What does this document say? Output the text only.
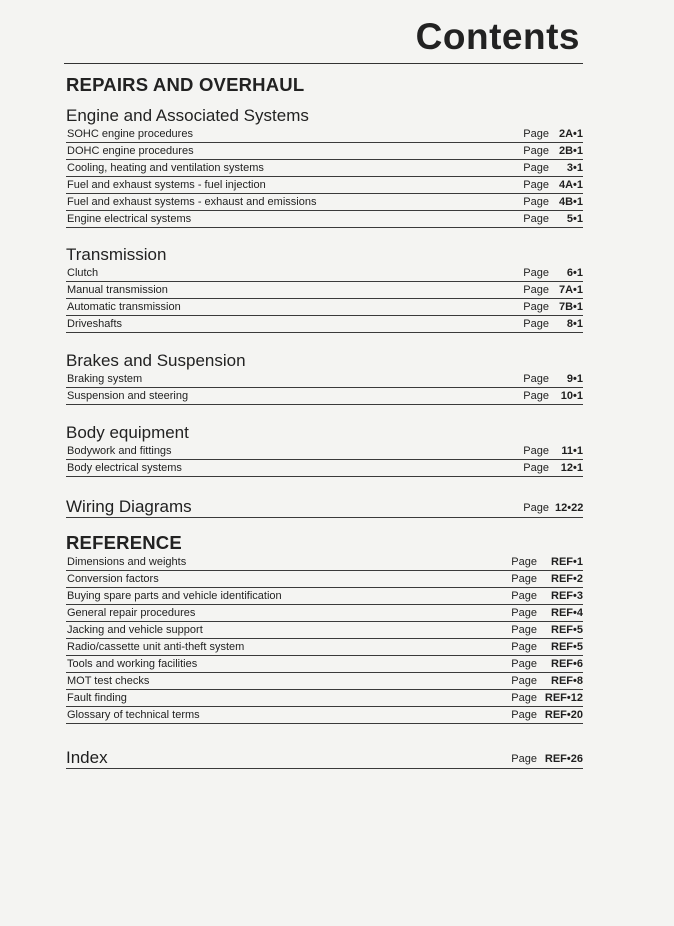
Contents
REPAIRS AND OVERHAUL
Engine and Associated Systems
SOHC engine procedures	Page 2A•1
DOHC engine procedures	Page 2B•1
Cooling, heating and ventilation systems	Page 3•1
Fuel and exhaust systems - fuel injection	Page 4A•1
Fuel and exhaust systems - exhaust and emissions	Page 4B•1
Engine electrical systems	Page 5•1
Transmission
Clutch	Page 6•1
Manual transmission	Page 7A•1
Automatic transmission	Page 7B•1
Driveshafts	Page 8•1
Brakes and Suspension
Braking system	Page 9•1
Suspension and steering	Page 10•1
Body equipment
Bodywork and fittings	Page 11•1
Body electrical systems	Page 12•1
Wiring Diagrams	Page 12•22
REFERENCE
Dimensions and weights	Page REF•1
Conversion factors	Page REF•2
Buying spare parts and vehicle identification	Page REF•3
General repair procedures	Page REF•4
Jacking and vehicle support	Page REF•5
Radio/cassette unit anti-theft system	Page REF•5
Tools and working facilities	Page REF•6
MOT test checks	Page REF•8
Fault finding	Page REF•12
Glossary of technical terms	Page REF•20
Index	Page REF•26
